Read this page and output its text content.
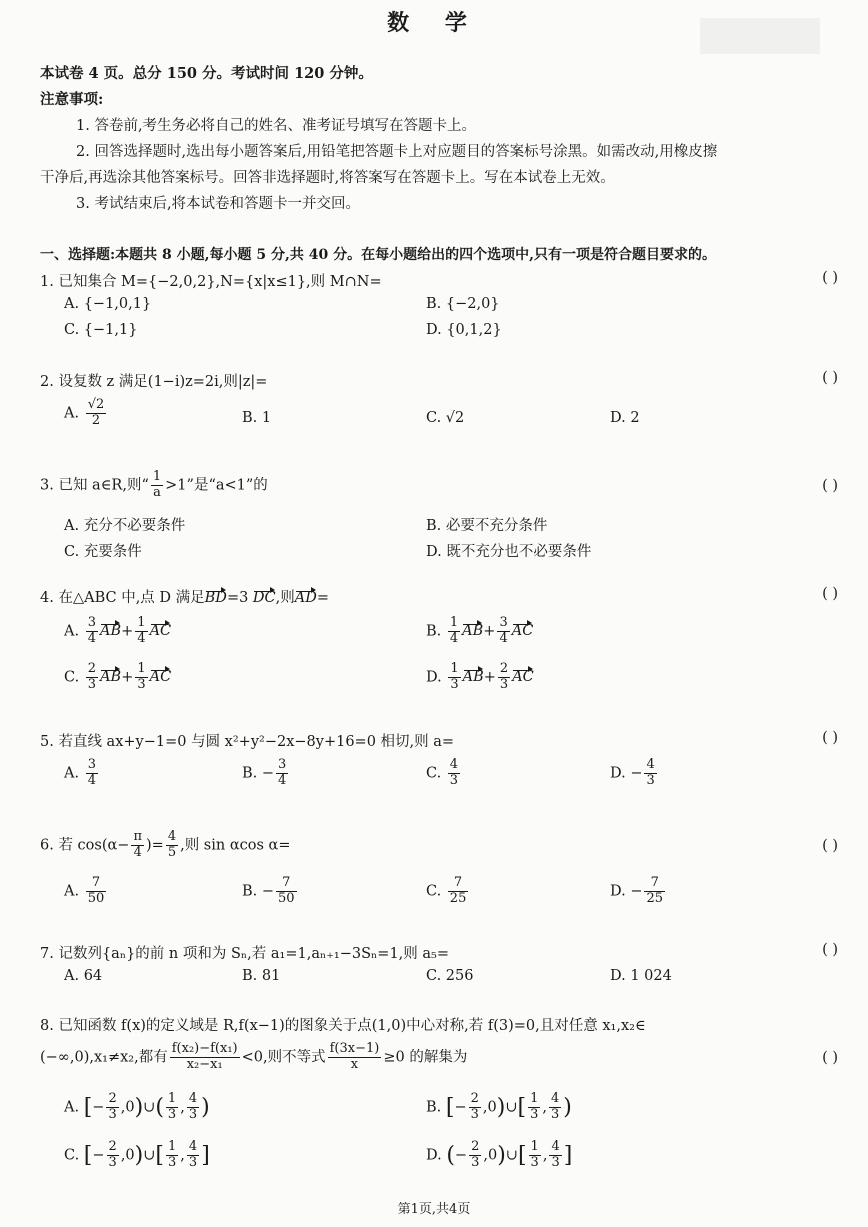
数 学
本试卷 4 页。总分 150 分。考试时间 120 分钟。
注意事项:
1. 答卷前,考生务必将自己的姓名、准考证号填写在答题卡上。
2. 回答选择题时,选出每小题答案后,用铅笔把答题卡上对应题目的答案标号涂黑。如需改动,用橡皮擦
干净后,再选涂其他答案标号。回答非选择题时,将答案写在答题卡上。写在本试卷上无效。
3. 考试结束后,将本试卷和答题卡一并交回。
一、选择题:本题共 8 小题,每小题 5 分,共 40 分。在每小题给出的四个选项中,只有一项是符合题目要求的。
1. 已知集合 M={−2,0,2},N={x|x≤1},则 M∩N=	( )
A. {−1,0,1}	B. {−2,0}
C. {−1,1}	D. {0,1,2}
2. 设复数 z 满足(1−i)z=2i,则|z|=	( )
A. $\frac{√2}{2}$	B. 1	C. √2	D. 2
3. 已知 a∈R,则“ $\frac{1}{a} >1$”是“a<1”的	( )
A. 充分不必要条件	B. 必要不充分条件
C. 充要条件	D. 既不充分也不必要条件
4. 在△ABC 中,点 D 满足BD=3 DC,则AD=	( )
A. $\frac{3}{4} AB+ \frac{1}{4}$ AC	B. $\frac{1}{4} AB+ \frac{3}{4}$ AC
C. $\frac{2}{3} AB+ \frac{1}{3}$ AC	D. $\frac{1}{3} AB+ \frac{2}{3}$ AC
5. 若直线 ax+y−1=0 与圆 x²+y²−2x−8y+16=0 相切,则 a=	( )
A. $\frac{3}{4}$	B. − $\frac{3}{4}$	C. $\frac{4}{3}$	D. − $\frac{4}{3}$
6. 若 $\cos(\alpha- \frac{\pi}{4}$ )= $\frac{4}{5}$ ,则 sin αcos α=	( )
A. $\frac{7}{50}$	B. − $\frac{7}{50}$	C. $\frac{7}{25}$	D. − $\frac{7}{25}$
7. 记数列{aₙ}的前 n 项和为 Sₙ,若 a₁=1,aₙ₊₁−3Sₙ=1,则 a₅=	( )
A. 64	B. 81	C. 256	D. 1 024
8. 已知函数 f(x)的定义域是 R,f(x−1)的图象关于点(1,0)中心对称,若 f(3)=0,且对任意 x₁,x₂∈
(−∞,0),x₁≠x₂,都有 $\frac{\text{f(x₂)−f(x₁)}}{\text{x₂−x₁}} <0$,则不等式 $\frac{f(3x-1)}{x} \ge 0$ 的解集为	( )
A. [− $\frac{2}{3}$ ,0)∪( $\frac{1}{3}$ , $\frac{4}{3}$ )	B. [− $\frac{2}{3}$ ,0)∪[ $\frac{1}{3}$ , $\frac{4}{3}$ )
C. [− $\frac{2}{3}$ ,0)∪[ $\frac{1}{3}$ , $\frac{4}{3}$ ]	D. (− $\frac{2}{3}$ ,0)∪[ $\frac{1}{3}$ , $\frac{4}{3}$ ]
第1页,共4页
